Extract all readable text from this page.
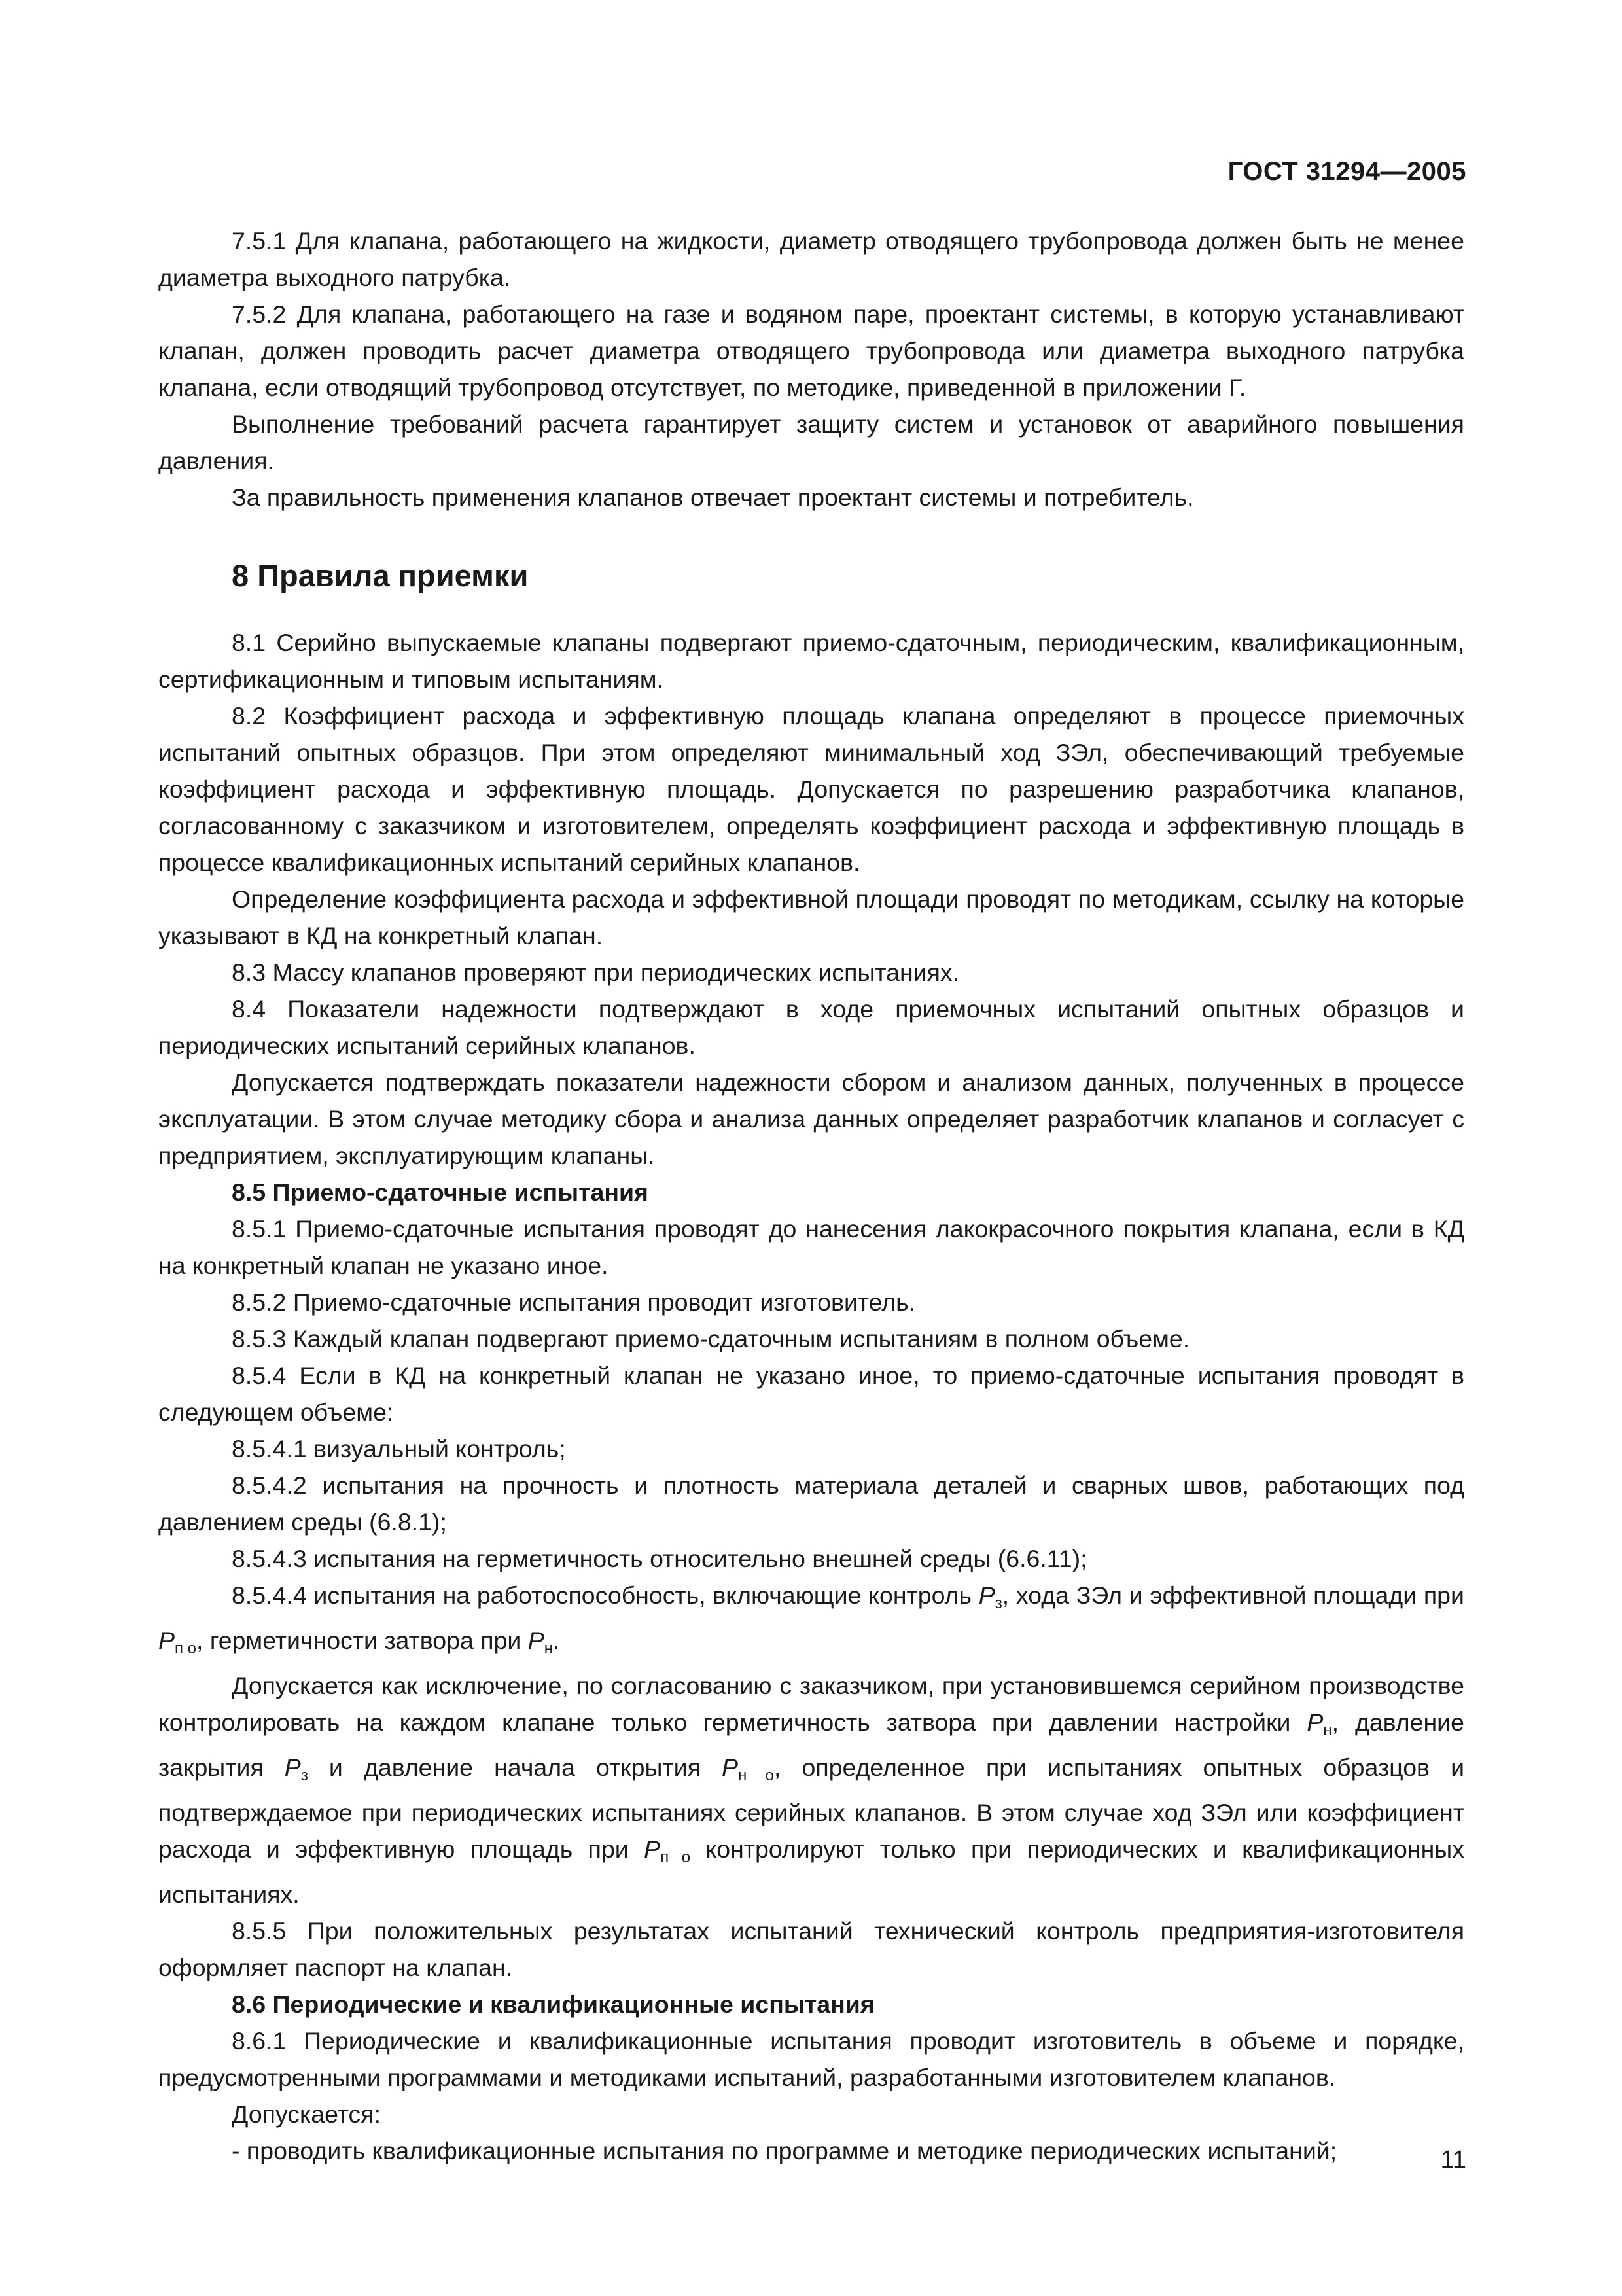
ГОСТ 31294—2005

7.5.1 Для клапана, работающего на жидкости, диаметр отводящего трубопровода должен быть не менее диаметра выходного патрубка.

7.5.2 Для клапана, работающего на газе и водяном паре, проектант системы, в которую устанавливают клапан, должен проводить расчет диаметра отводящего трубопровода или диаметра выходного патрубка клапана, если отводящий трубопровод отсутствует, по методике, приведенной в приложении Г.

Выполнение требований расчета гарантирует защиту систем и установок от аварийного повышения давления.

За правильность применения клапанов отвечает проектант системы и потребитель.

8 Правила приемки

8.1 Серийно выпускаемые клапаны подвергают приемо-сдаточным, периодическим, квалификационным, сертификационным и типовым испытаниям.

8.2 Коэффициент расхода и эффективную площадь клапана определяют в процессе приемочных испытаний опытных образцов. При этом определяют минимальный ход ЗЭл, обеспечивающий требуемые коэффициент расхода и эффективную площадь. Допускается по разрешению разработчика клапанов, согласованному с заказчиком и изготовителем, определять коэффициент расхода и эффективную площадь в процессе квалификационных испытаний серийных клапанов.

Определение коэффициента расхода и эффективной площади проводят по методикам, ссылку на которые указывают в КД на конкретный клапан.

8.3 Массу клапанов проверяют при периодических испытаниях.

8.4 Показатели надежности подтверждают в ходе приемочных испытаний опытных образцов и периодических испытаний серийных клапанов.

Допускается подтверждать показатели надежности сбором и анализом данных, полученных в процессе эксплуатации. В этом случае методику сбора и анализа данных определяет разработчик клапанов и согласует с предприятием, эксплуатирующим клапаны.

8.5 Приемо-сдаточные испытания

8.5.1 Приемо-сдаточные испытания проводят до нанесения лакокрасочного покрытия клапана, если в КД на конкретный клапан не указано иное.

8.5.2 Приемо-сдаточные испытания проводит изготовитель.

8.5.3 Каждый клапан подвергают приемо-сдаточным испытаниям в полном объеме.

8.5.4 Если в КД на конкретный клапан не указано иное, то приемо-сдаточные испытания проводят в следующем объеме:

8.5.4.1 визуальный контроль;

8.5.4.2 испытания на прочность и плотность материала деталей и сварных швов, работающих под давлением среды (6.8.1);

8.5.4.3 испытания на герметичность относительно внешней среды (6.6.11);

8.5.4.4 испытания на работоспособность, включающие контроль $P_з$, хода ЗЭл и эффективной площади при $P_{п о}$, герметичности затвора при $P_н$.

Допускается как исключение, по согласованию с заказчиком, при установившемся серийном производстве контролировать на каждом клапане только герметичность затвора при давлении настройки $P_н$, давление закрытия $P_з$ и давление начала открытия $P_{н о}$, определенное при испытаниях опытных образцов и подтверждаемое при периодических испытаниях серийных клапанов. В этом случае ход ЗЭл или коэффициент расхода и эффективную площадь при $P_{п о}$ контролируют только при периодических и квалификационных испытаниях.

8.5.5 При положительных результатах испытаний технический контроль предприятия-изготовителя оформляет паспорт на клапан.

8.6 Периодические и квалификационные испытания

8.6.1 Периодические и квалификационные испытания проводит изготовитель в объеме и порядке, предусмотренными программами и методиками испытаний, разработанными изготовителем клапанов.

Допускается:

- проводить квалификационные испытания по программе и методике периодических испытаний;	11
